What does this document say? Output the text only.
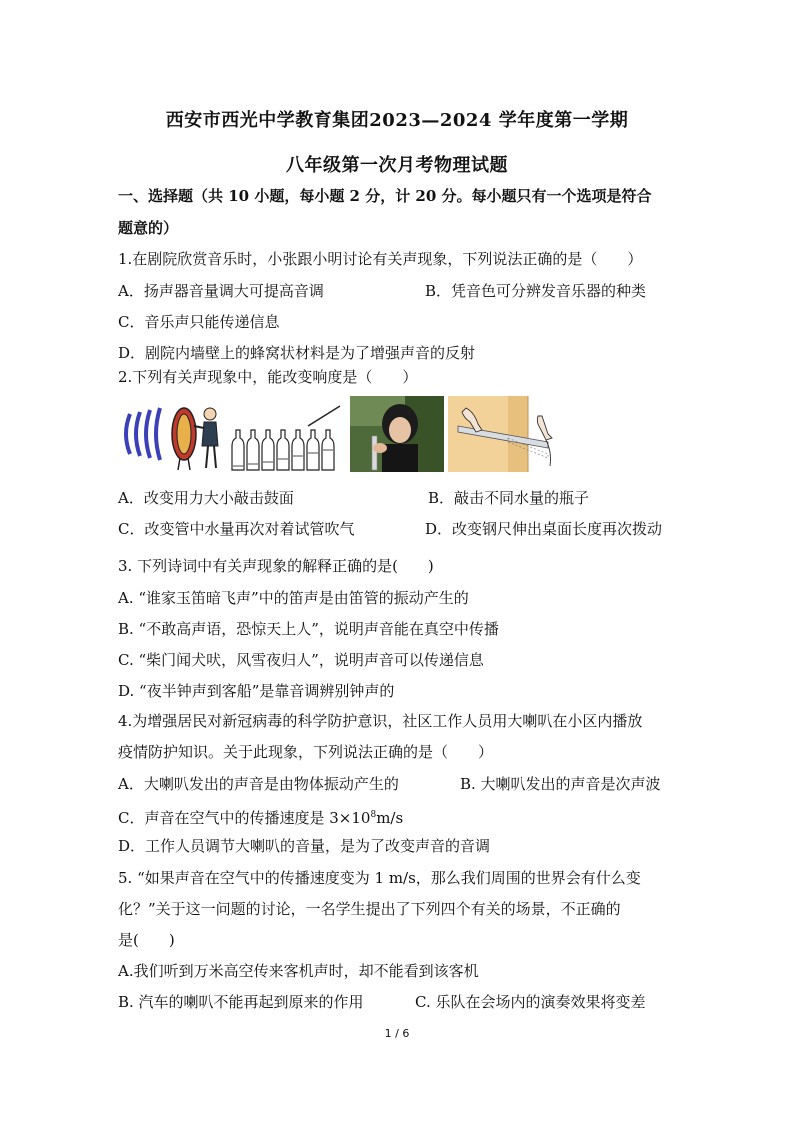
西安市西光中学教育集团2023—2024 学年度第一学期
八年级第一次月考物理试题
一、选择题（共 10 小题，每小题 2 分，计 20 分。每小题只有一个选项是符合
题意的）
1.在剧院欣赏音乐时，小张跟小明讨论有关声现象，下列说法正确的是（　　）
A．扬声器音量调大可提高音调	B．凭音色可分辨发音乐器的种类
C．音乐声只能传递信息
D．剧院内墙壁上的蜂窝状材料是为了增强声音的反射
2.下列有关声现象中，能改变响度是（　　）
A．改变用力大小敲击鼓面	B．敲击不同水量的瓶子
C．改变管中水量再次对着试管吹气	D．改变钢尺伸出桌面长度再次拨动
3. 下列诗词中有关声现象的解释正确的是(　　)
A. “谁家玉笛暗飞声”中的笛声是由笛管的振动产生的
B. “不敢高声语，恐惊天上人”，说明声音能在真空中传播
C. “柴门闻犬吠，风雪夜归人”，说明声音可以传递信息
D. “夜半钟声到客船”是靠音调辨别钟声的
4.为增强居民对新冠病毒的科学防护意识，社区工作人员用大喇叭在小区内播放
疫情防护知识。关于此现象，下列说法正确的是（　　）
A．大喇叭发出的声音是由物体振动产生的	B. 大喇叭发出的声音是次声波
C．声音在空气中的传播速度是 $3\times 10^8m/s$
D．工作人员调节大喇叭的音量，是为了改变声音的音调
5. “如果声音在空气中的传播速度变为 1 m/s，那么我们周围的世界会有什么变
化？”关于这一问题的讨论，一名学生提出了下列四个有关的场景，不正确的
是(　　)
A.我们听到万米高空传来客机声时，却不能看到该客机
B. 汽车的喇叭不能再起到原来的作用	C. 乐队在会场内的演奏效果将变差
1 / 6
